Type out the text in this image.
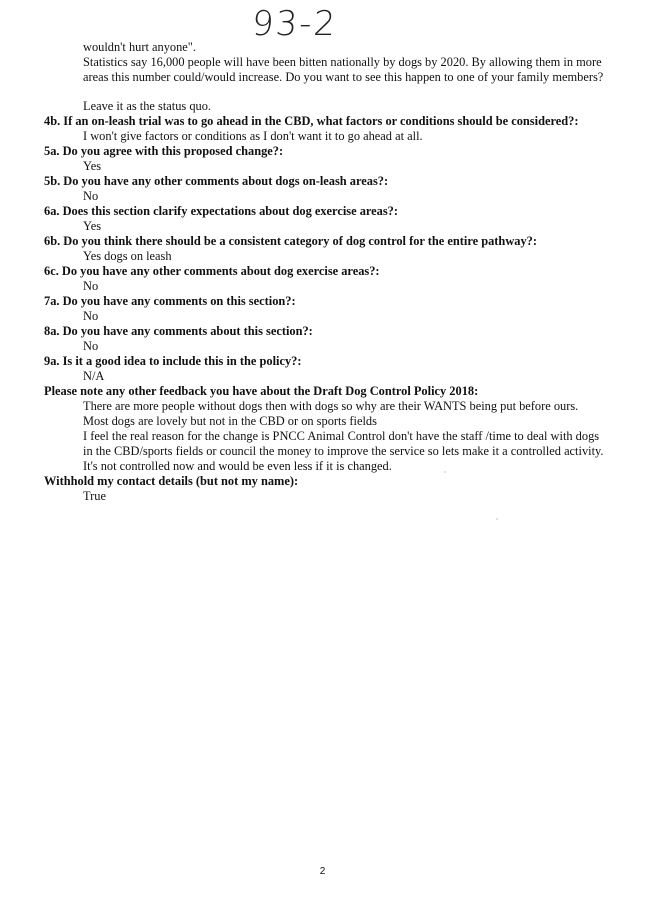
93-2
wouldn't hurt anyone".
Statistics say 16,000 people will have been bitten nationally by dogs by 2020. By allowing them in more areas this number could/would increase. Do you want to see this happen to one of your family members?
Leave it as the status quo.
4b. If an on-leash trial was to go ahead in the CBD, what factors or conditions should be considered?:
I won't give factors or conditions as I don't want it to go ahead at all.
5a. Do you agree with this proposed change?:
Yes
5b. Do you have any other comments about dogs on-leash areas?:
No
6a. Does this section clarify expectations about dog exercise areas?:
Yes
6b. Do you think there should be a consistent category of dog control for the entire pathway?:
Yes dogs on leash
6c. Do you have any other comments about dog exercise areas?:
No
7a. Do you have any comments on this section?:
No
8a. Do you have any comments about this section?:
No
9a. Is it a good idea to include this in the policy?:
N/A
Please note any other feedback you have about the Draft Dog Control Policy 2018:
There are more people without dogs then with dogs so why are their WANTS being put before ours. Most dogs are lovely but not in the CBD or on sports fields
I feel the real reason for the change is PNCC Animal Control don't have the staff /time to deal with dogs in the CBD/sports fields or council the money to improve the service so lets make it a controlled activity. It's not controlled now and would be even less if it is changed.
Withhold my contact details (but not my name):
True
2
